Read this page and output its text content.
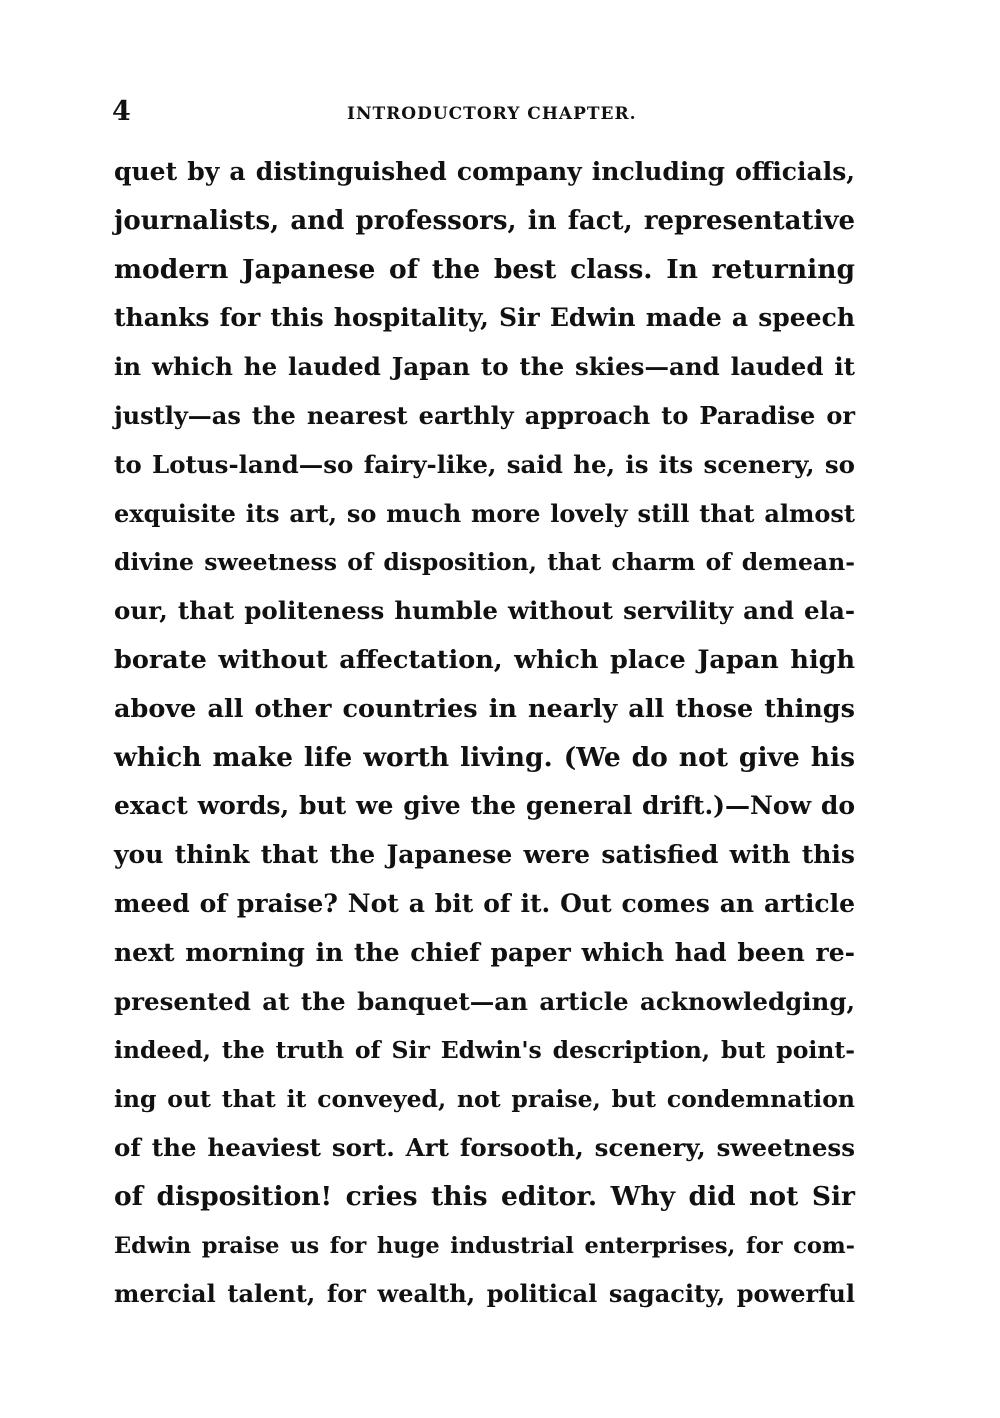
4	INTRODUCTORY CHAPTER.
quet by a distinguished company including officials,
journalists, and professors, in fact, representative
modern Japanese of the best class. In returning
thanks for this hospitality, Sir Edwin made a speech
in which he lauded Japan to the skies—and lauded it
justly—as the nearest earthly approach to Paradise or
to Lotus-land—so fairy-like, said he, is its scenery, so
exquisite its art, so much more lovely still that almost
divine sweetness of disposition, that charm of demean-
our, that politeness humble without servility and ela-
borate without affectation, which place Japan high
above all other countries in nearly all those things
which make life worth living. (We do not give his
exact words, but we give the general drift.)—Now do
you think that the Japanese were satisfied with this
meed of praise? Not a bit of it. Out comes an article
next morning in the chief paper which had been re-
presented at the banquet—an article acknowledging,
indeed, the truth of Sir Edwin's description, but point-
ing out that it conveyed, not praise, but condemnation
of the heaviest sort. Art forsooth, scenery, sweetness
of disposition! cries this editor. Why did not Sir
Edwin praise us for huge industrial enterprises, for com-
mercial talent, for wealth, political sagacity, powerful
